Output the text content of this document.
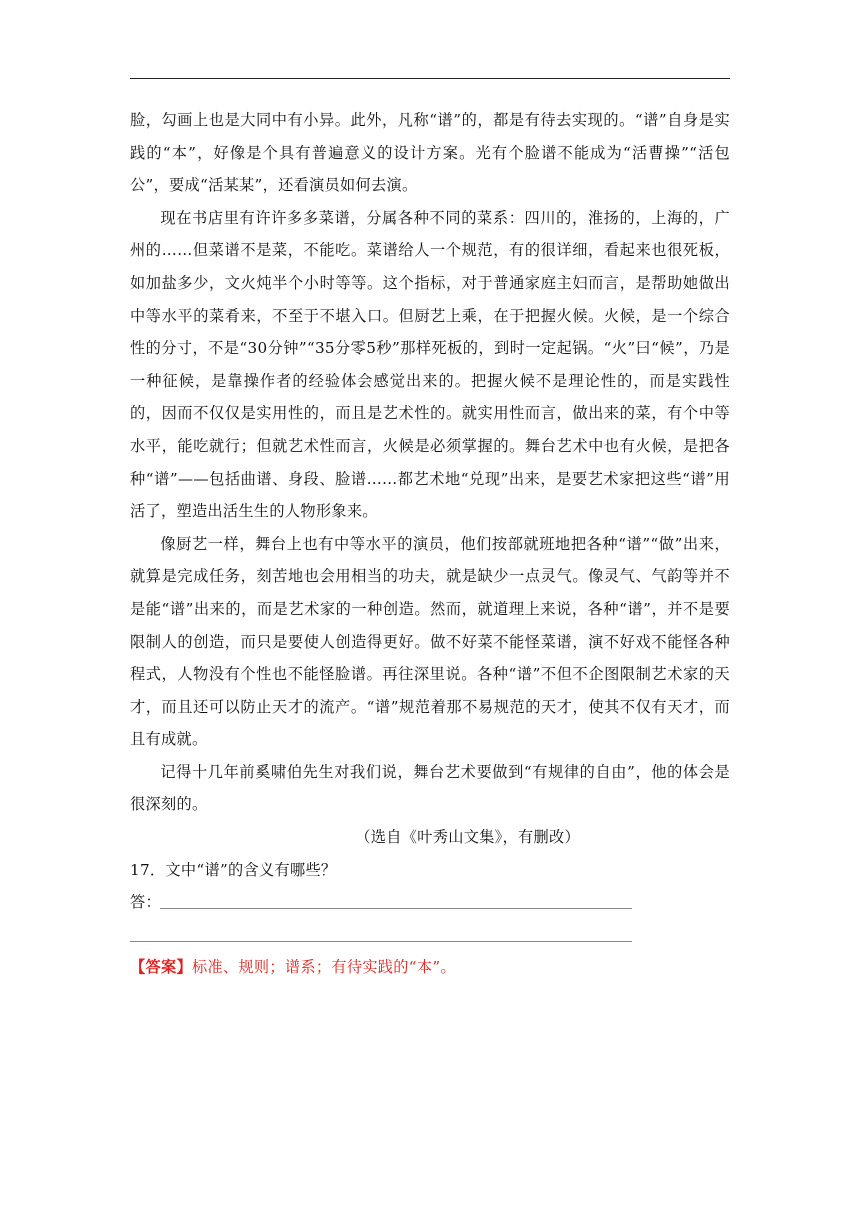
脸，勾画上也是大同中有小异。此外，凡称“谱”的，都是有待去实现的。“谱”自身是实践的“本”，好像是个具有普遍意义的设计方案。光有个脸谱不能成为“活曹操”“活包公”，要成“活某某”，还看演员如何去演。

现在书店里有许许多多菜谱，分属各种不同的菜系：四川的，淮扬的，上海的，广州的……但菜谱不是菜，不能吃。菜谱给人一个规范，有的很详细，看起来也很死板，如加盐多少，文火炖半个小时等等。这个指标，对于普通家庭主妇而言，是帮助她做出中等水平的菜肴来，不至于不堪入口。但厨艺上乘，在于把握火候。火候，是一个综合性的分寸，不是“30分钟”“35分零5秒”那样死板的，到时一定起锅。“火”曰“候”，乃是一种征候，是靠操作者的经验体会感觉出来的。把握火候不是理论性的，而是实践性的，因而不仅仅是实用性的，而且是艺术性的。就实用性而言，做出来的菜，有个中等水平，能吃就行；但就艺术性而言，火候是必须掌握的。舞台艺术中也有火候，是把各种“谱”——包括曲谱、身段、脸谱……都艺术地“兑现”出来，是要艺术家把这些“谱”用活了，塑造出活生生的人物形象来。

像厨艺一样，舞台上也有中等水平的演员，他们按部就班地把各种“谱”“做”出来，就算是完成任务，刻苦地也会用相当的功夫，就是缺少一点灵气。像灵气、气韵等并不是能“谱”出来的，而是艺术家的一种创造。然而，就道理上来说，各种“谱”，并不是要限制人的创造，而只是要使人创造得更好。做不好菜不能怪菜谱，演不好戏不能怪各种程式，人物没有个性也不能怪脸谱。再往深里说。各种“谱”不但不企图限制艺术家的天才，而且还可以防止天才的流产。“谱”规范着那不易规范的天才，使其不仅有天才，而且有成就。

记得十几年前奚啸伯先生对我们说，舞台艺术要做到“有规律的自由”，他的体会是很深刻的。

（选自《叶秀山文集》，有删改）

17．文中“谱”的含义有哪些？

答：

【答案】标准、规则；谱系；有待实践的“本”。
